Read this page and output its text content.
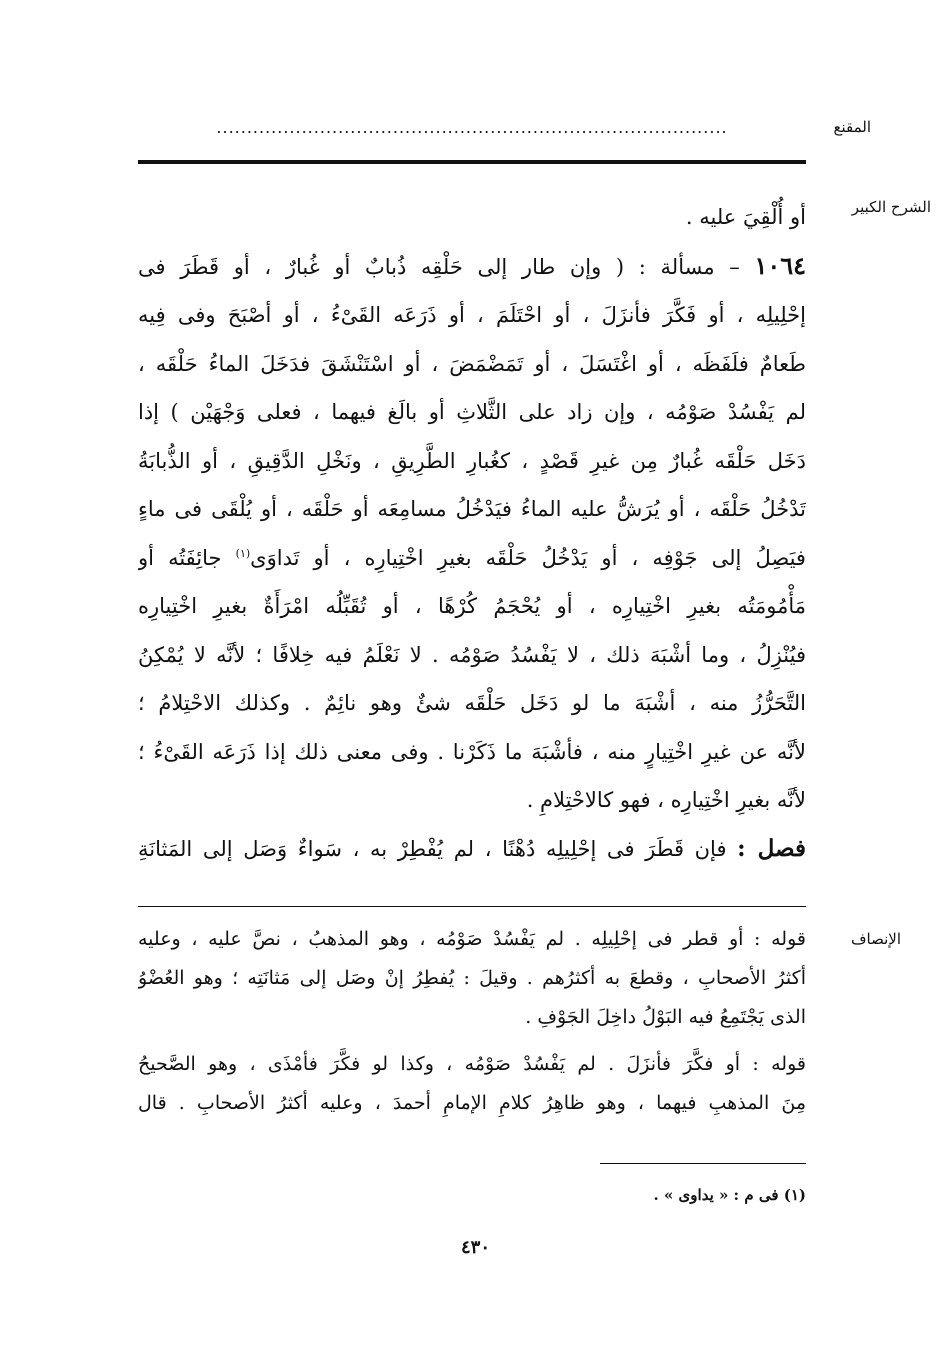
المقنع
....................................................................................
الشرح الكبير
الإنصاف
أو أُلْقِيَ عليه .
١٠٦٤ – مسألة : ( وإن طار إلى حَلْقِه ذُبابٌ أو غُبارٌ ، أو قَطَرَ فى
إحْلِيلِه ، أو فَكَّرَ فأنزَلَ ، أو احْتَلَمَ ، أو ذَرَعَه القَىْءُ ، أو أصْبَحَ وفى فِيه
طَعامٌ فلَفَظَه ، أو اغْتَسَلَ ، أو تَمَضْمَضَ ، أو اسْتَنْشَقَ فدَخَلَ الماءُ حَلْقَه ،
لم يَفْسُدْ صَوْمُه ، وإن زاد على الثَّلاثِ أو بالَغ فيهما ، فعلى وَجْهَيْن ) إذا
دَخَل حَلْقَه غُبارٌ مِن غيرِ قَصْدٍ ، كغُبارِ الطَّرِيقِ ، ونَخْلِ الدَّقِيقِ ، أو الذُّبابَةُ
تَدْخُلُ حَلْقَه ، أو يُرَشُّ عليه الماءُ فيَدْخُلُ مسامِعَه أو حَلْقَه ، أو يُلْقَى فى ماءٍ
فيَصِلُ إلى جَوْفِه ، أو يَدْخُلُ حَلْقَه بغيرِ اخْتِيارِه ، أو تَداوَى$^{(١)}$ جائِفَتُه أو
مَأْمُومَتُه بغيرِ اخْتِيارِه ، أو يُحْجَمُ كُرْهًا ، أو تُقَبِّلُه امْرَأَةٌ بغيرِ اخْتِيارِه
فيُنْزِلُ ، وما أشْبَهَ ذلك ، لا يَفْسُدُ صَوْمُه . لا نَعْلَمُ فيه خِلافًا ؛ لأنَّه لا يُمْكِنُ
التَّحَرُّزُ منه ، أشْبَهَ ما لو دَخَل حَلْقَه شئٌ وهو نائِمٌ . وكذلك الاحْتِلامُ ؛
لأنَّه عن غيرِ اخْتِيارٍ منه ، فأشْبَهَ ما ذَكَرْنا . وفى معنى ذلك إذا ذَرَعَه القَىْءُ ؛
لأنَّه بغيرِ اخْتِيارِه ، فهو كالاحْتِلامِ .
فصل : فإن قَطَرَ فى إحْلِيلِه دُهْنًا ، لم يُفْطِرْ به ، سَواءٌ وَصَل إلى المَثانَةِ
قوله : أو قطر فى إحْلِيلِه . لم يَفْسُدْ صَوْمُه ، وهو المذهبُ ، نصَّ عليه ، وعليه
أكثرُ الأصحابِ ، وقطعَ به أكثرُهم . وقيلَ : يُفطِرُ إنْ وصَل إلى مَثانَتِه ؛ وهو العُضْوُ
الذى يَجْتَمِعُ فيه البَوْلُ داخِلَ الجَوْفِ .
قوله : أو فكَّرَ فأنزَلَ . لم يَفْسُدْ صَوْمُه ، وكذا لو فكَّرَ فأمْذَى ، وهو الصَّحيحُ
مِنَ المذهبِ فيهما ، وهو ظاهِرُ كلامِ الإمامِ أحمدَ ، وعليه أكثرُ الأصحابِ . قال
(١) فى م : « يداوى » .
٤٣٠
